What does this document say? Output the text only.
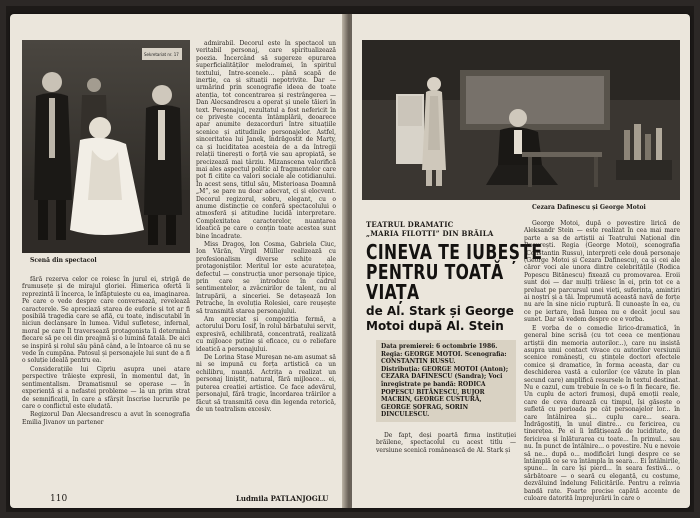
Sekretariat nr. 17
Scenă din spectacol

admirabil. Decorul este în spectacol un veritabil personaj, care spiritualizează poezia. Încercând să sugereze epurarea superficialităților melodramei, în spiritul textului, Intre-scenele... până scapă de inerție, ca și situații nepotrivite. Dar — urmărind prin scenografie ideea de toate atenția, tot concentrarea și restrângerea — Dan Alecsandrescu a operat și unele tăieri în text. Personajul, rezultatul a fost nefericit în ce privește cocenta întâmplării, deoarece apar anumite dezacorduri între situațiile scenice și atitudinile personajelor. Astfel, sinceritatea lui Janek, îndrăgostit de Marty, ca și luciditatea acesteia de a da întregii relații tinerești o forță vie sau apropiată, se precizează mai târziu. Mizanscena valorifică mai ales aspectul politic al fragmentelor care pot fi citite ca valori sociale ale cotidianului. În acest sens, titlul său, Misterioasa Doamnă „M”, se pare nu doar adecvat, ci și elocvent. Decorul regizorul, sobru, elegant, cu o anume distincție ce conferă spectacolului o atmosferă și atitudine lucidă interpretare. Complexitatea caracterelor, nuanțarea ideatică pe care o conțin toate acestea sunt bine încadrate.

Miss Dragoș, Ion Cosma, Gabriela Ciuc, Ion Vărăn, Virgil Müller realizează cu profesionalism diverse schițe ale protagoniștilor. Meritul lor este acuratețea, defectul — construcția unor personaje tipice, prin care se introduce în cadrul sentimentelor, a zvâcnirilor de talent, nu al întrupării, a sinceriei. Se detașează Ion Petrache, în evoluția Rolesiei, care reușește să transmită starea personajului.

Am apreciat și compoziția fermă, a actorului Doru Iosif, în rolul bărbatului servit, expresivă, echilibrată, concentrată, realizată cu mijloace puține și eficace, cu o reliefare ideatică a personajului.

De Lorina Stase Mureșan ne-am asumat să ni se impună cu forța artistică ca un echilibru, nuanță. Actrița a realizat un personaj liniștit, natural, fără mijloace... ei, puterea creației artistice. Ce face adevărul, personajul, fără tragic, încordarea trăirilor a făcut să transmită ceva din legenda retorică, de un teatralism excesiv.

fără rezerva celor ce roiesc în jurul ei, strigă de frumusețe și de mirajul gloriei. Himerica ofertă îi reprezintă îi încerca, le înfăptuiește cu ea, imaginarea. Pe care o vede despre care conversează, revelează caracterele. Se apreciază starea de euforie și tot ar fi posibilă tragedia care se află, cu toate, indiscutabil în niciun declanșare în lumea. Vidul sufletesc, infernal, moral pe care Îl traversează protagonista îi determină fiecare să pe cei din preajmă și o lumină fatală. De aici se inspiră și rolul său până când, a le întoarce că nu se vede în cumpăna. Patosul și personajele lui sunt de a fi o soluție ideală pentru ea.

Considerațiile lui Cipriu asupra unei atare perspective trăiește expresii, în momentul dat, în sentimentalism. Dramatismul se operase — în experiență și a nefastei probleme — la un prim strat de semnificații, în care a sfârșit înscrise lucrurile pe care o conflictul este eludată.

Regizorul Dan Alecsandrescu a avut în scenografia Emilia Jivanov un partener

Ludmila PATLANJOGLU
110
Cezara Dafinescu și George Motoi
TEATRUL DRAMATIC
„MARIA FILOTTI” DIN BRĂILA
CINEVA TE IUBEȘTE
PENTRU TOATĂ
VIAȚA
de Al. Stark și George
Motoi după Al. Stein
Data premierei: 6 octombrie 1986.
Regia: GEORGE MOTOI. Scenografia: CONSTANTIN RUSSU.
Distribuția: GEORGE MOTOI (Anton); CEZARA DAFINESCU (Sandra); Voci înregistrate pe bandă: RODICA POPESCU BITĂNESCU, BUJOR MACRIN, GEORGE CUSTURĂ, GEORGE ȘOFRAG, SORIN DINCULESCU.

De fapt, deși poartă firma instituției brăilene, spectacolul cu acest titlu — versiune scenică românească de Al. Stark și

George Motoi, după o povestire lirică de Aleksandr Stein — este realizat în cea mai mare parte a sa de artiștii ai Teatrului Național din București. Regia (George Motoi), scenografia (Constantin Russu), interpreți cele două personaje (George Motoi și Cezara Dafinescu), ca și cei ale căror voci ale unora dintre celebritățile (Rodica Popescu Bitănescu) fixează cu promovarea. Eroii sunt doi — dar mulți trăiesc în ei, prin tot ce a preluat pe parcursul unei vieți, suferința, amintiri ai noștri și a tăi. Împrumută această navă de forțe nu are în sine nicio ruptură. Îl cunoaște în ea, cu ce pe iertare, însă lumea nu e decât jocul sau sunet. Dar să vedem despre ce e vorba.

E vorba de o comedie lirico-dramatică, în general bine scrisă (cu tot ceea ce menționau artiștii din memoria autorilor...), care nu insistă asupra unui contact vivace cu autorilor versiunii scenice românești, cu ștințele doctori efectele comice și dramatice, în forma aceasta, dar cu deschiderea vastă a culorilor (ce văzute în plan secund care) amplifică resursele în textul destinat. Nu e cazul, cum trebuie în ce s-o fi în fiecare, fie. Un cuplu de actori frumoși, după emoții reale, care de ceva durează cu timpul, își găsește o sufletă cu perioada pe cât personajelor lor... în care întâlnirea și... cuplu care... seara. Îndrăgostiți, în unul dintre... cu fericirea, cu tinerețea. Pe ei îi înfățișează de luciditate, de fericirea și înlăturarea cu toate... În primul... sau nu. În punct de întâlnire... o povestire. Nu e nevoie să ne... după o... modificări lungi despre ce se întâmplă ce se va întâmpla în seara... Ei întâlnirile, spune... în care își pierd... în seara festivă... o sărbătoare — o seară cu eleganță, cu costume, dezvăluind îndelung Felicitările. Pentru a reînvia bandă rate. Foarte precise capătă accente de culoare datorită împrejurării în care o
